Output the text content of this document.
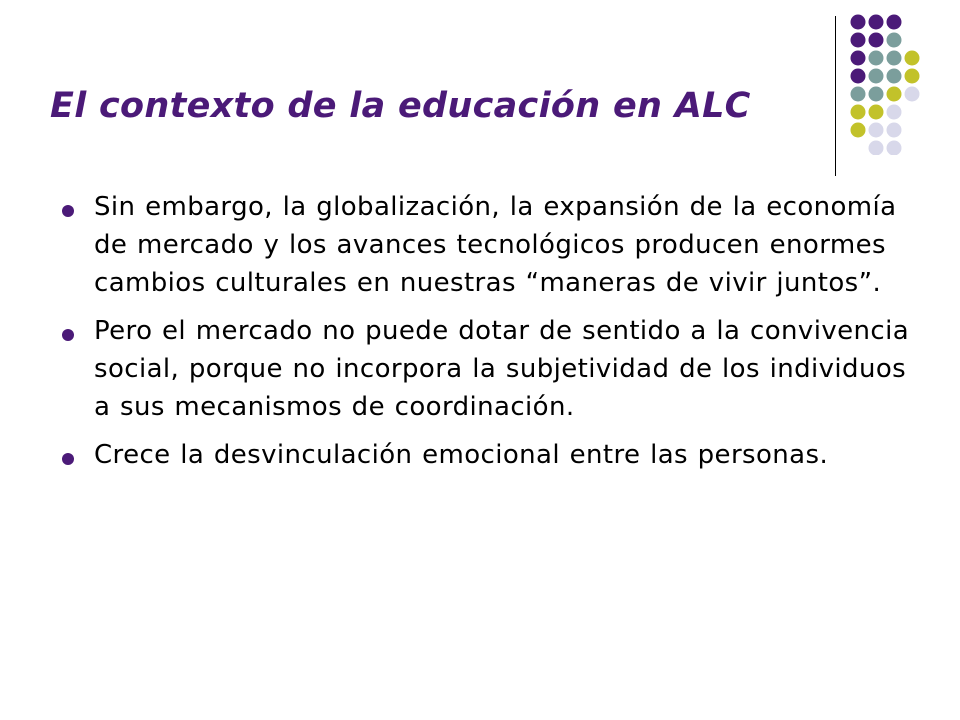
El contexto de la educación en ALC
Sin embargo, la globalización, la expansión de la economía de mercado y los avances tecnológicos producen enormes cambios culturales en nuestras “maneras de vivir juntos”.
Pero el mercado no puede dotar de sentido a la convivencia social, porque no incorpora la subjetividad de los individuos a sus mecanismos de coordinación.
Crece la desvinculación emocional entre las personas.
